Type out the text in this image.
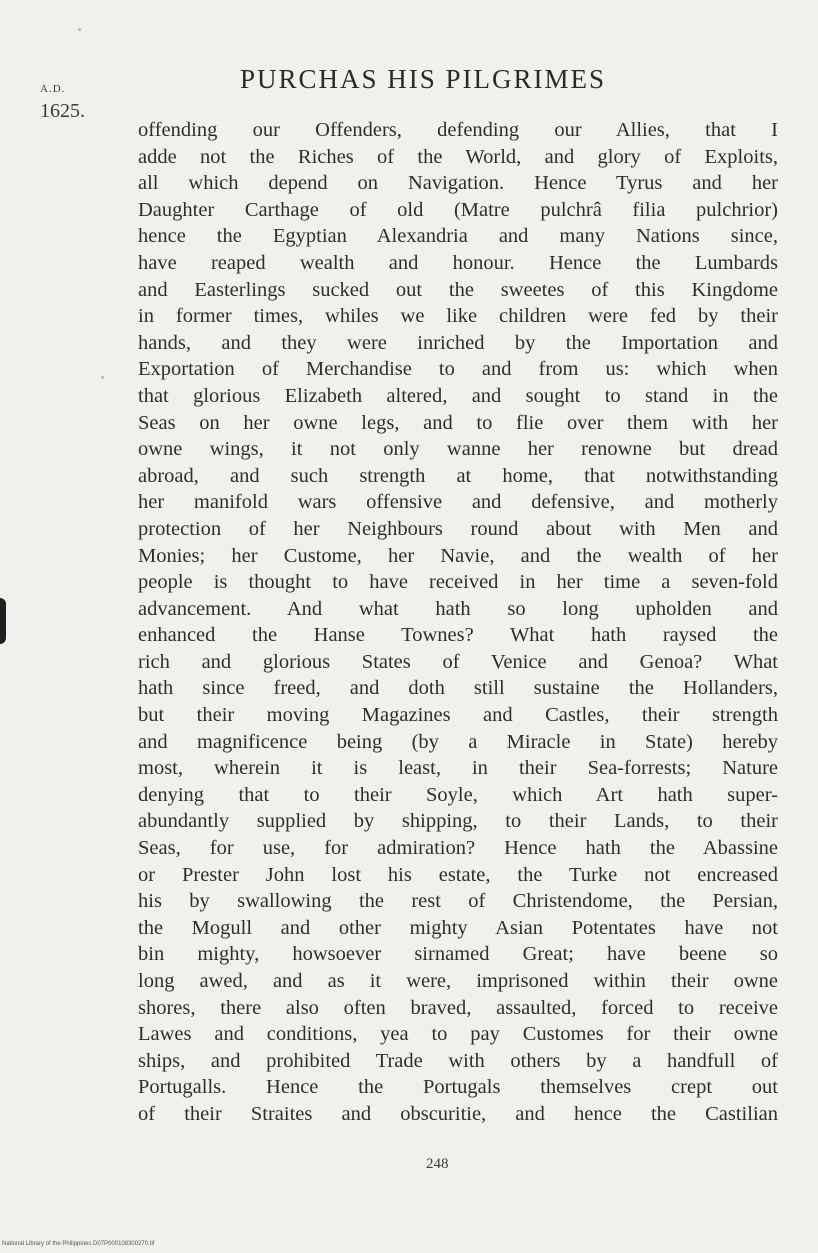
A.D.
1625.
PURCHAS HIS PILGRIMES
offending our Offenders, defending our Allies, that I
adde not the Riches of the World, and glory of Exploits,
all which depend on Navigation. Hence Tyrus and her
Daughter Carthage of old (Matre pulchrâ filia pulchrior)
hence the Egyptian Alexandria and many Nations since,
have reaped wealth and honour. Hence the Lumbards
and Easterlings sucked out the sweetes of this Kingdome
in former times, whiles we like children were fed by their
hands, and they were inriched by the Importation and
Exportation of Merchandise to and from us: which when
that glorious Elizabeth altered, and sought to stand in the
Seas on her owne legs, and to flie over them with her
owne wings, it not only wanne her renowne but dread
abroad, and such strength at home, that notwithstanding
her manifold wars offensive and defensive, and motherly
protection of her Neighbours round about with Men and
Monies; her Custome, her Navie, and the wealth of her
people is thought to have received in her time a seven-fold
advancement. And what hath so long upholden and
enhanced the Hanse Townes? What hath raysed the
rich and glorious States of Venice and Genoa? What
hath since freed, and doth still sustaine the Hollanders,
but their moving Magazines and Castles, their strength
and magnificence being (by a Miracle in State) hereby
most, wherein it is least, in their Sea-forrests; Nature
denying that to their Soyle, which Art hath super-
abundantly supplied by shipping, to their Lands, to their
Seas, for use, for admiration? Hence hath the Abassine
or Prester John lost his estate, the Turke not encreased
his by swallowing the rest of Christendome, the Persian,
the Mogull and other mighty Asian Potentates have not
bin mighty, howsoever sirnamed Great; have beene so
long awed, and as it were, imprisoned within their owne
shores, there also often braved, assaulted, forced to receive
Lawes and conditions, yea to pay Customes for their owne
ships, and prohibited Trade with others by a handfull of
Portugalls. Hence the Portugals themselves crept out
of their Straites and obscuritie, and hence the Castilian
248
National Library of the Philippines D07P000108300270.tif
